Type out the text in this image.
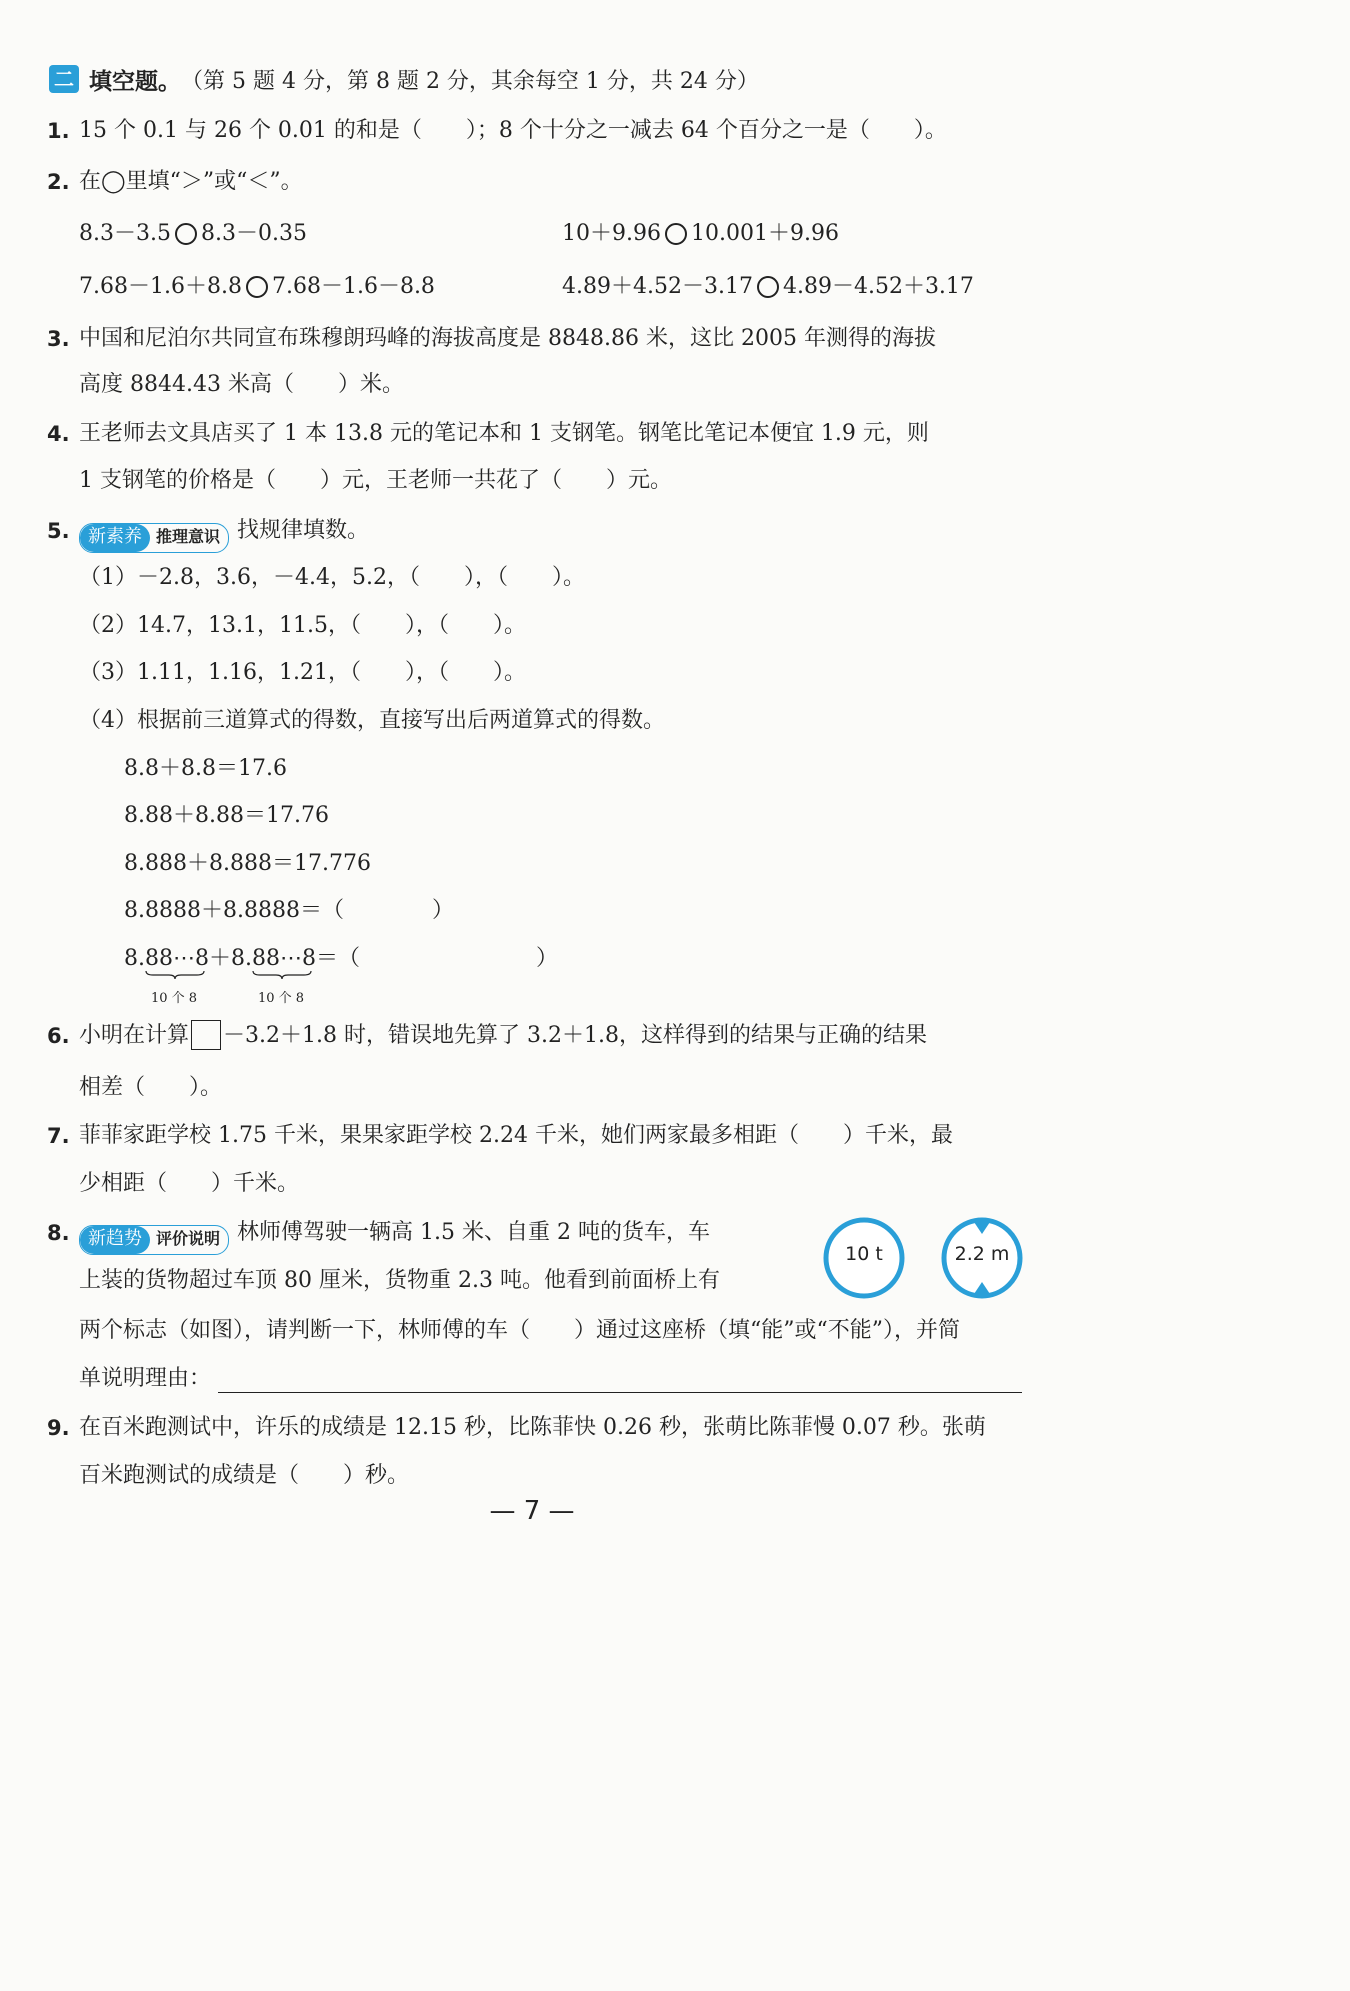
二 填空题。 （第 5 题 4 分，第 8 题 2 分，其余每空 1 分，共 24 分）
1. 15 个 0.1 与 26 个 0.01 的和是（　　）；8 个十分之一减去 64 个百分之一是（　　）。
2. 在◯里填“＞”或“＜”。
8.3－3.5 8.3－0.35	10＋9.96 10.001＋9.96
7.68－1.6＋8.8 7.68－1.6－8.8	4.89＋4.52－3.17 4.89－4.52＋3.17
3. 中国和尼泊尔共同宣布珠穆朗玛峰的海拔高度是 8848.86 米，这比 2005 年测得的海拔
高度 8844.43 米高（　　）米。
4. 王老师去文具店买了 1 本 13.8 元的笔记本和 1 支钢笔。钢笔比笔记本便宜 1.9 元，则
1 支钢笔的价格是（　　）元，王老师一共花了（　　）元。
5.	新素养 推理意识 找规律填数。
（1）－2.8，3.6，－4.4，5.2，（　　），（　　）。
（2）14.7，13.1，11.5，（　　），（　　）。
（3）1.11，1.16，1.21，（　　），（　　）。
（4）根据前三道算式的得数，直接写出后两道算式的得数。
8.8＋8.8＝17.6
8.88＋8.88＝17.76
8.888＋8.888＝17.776
8.8888＋8.8888＝（　　　　）
8.88⋯8
10 个 8
＋8.88⋯8
10 个 8
＝（　　　　　　　　）
6. 小明在计算 －3.2＋1.8 时，错误地先算了 3.2＋1.8，这样得到的结果与正确的结果
相差（　　）。
7. 菲菲家距学校 1.75 千米，果果家距学校 2.24 千米，她们两家最多相距（　　）千米，最
少相距（　　）千米。
8.	新趋势 评价说明 林师傅驾驶一辆高 1.5 米、自重 2 吨的货车，车
上装的货物超过车顶 80 厘米，货物重 2.3 吨。他看到前面桥上有
两个标志（如图），请判断一下，林师傅的车（　　）通过这座桥（填“能”或“不能”），并简
单说明理由：
10 t	2.2 m
9. 在百米跑测试中，许乐的成绩是 12.15 秒，比陈菲快 0.26 秒，张萌比陈菲慢 0.07 秒。张萌
百米跑测试的成绩是（　　）秒。
— 7 —
